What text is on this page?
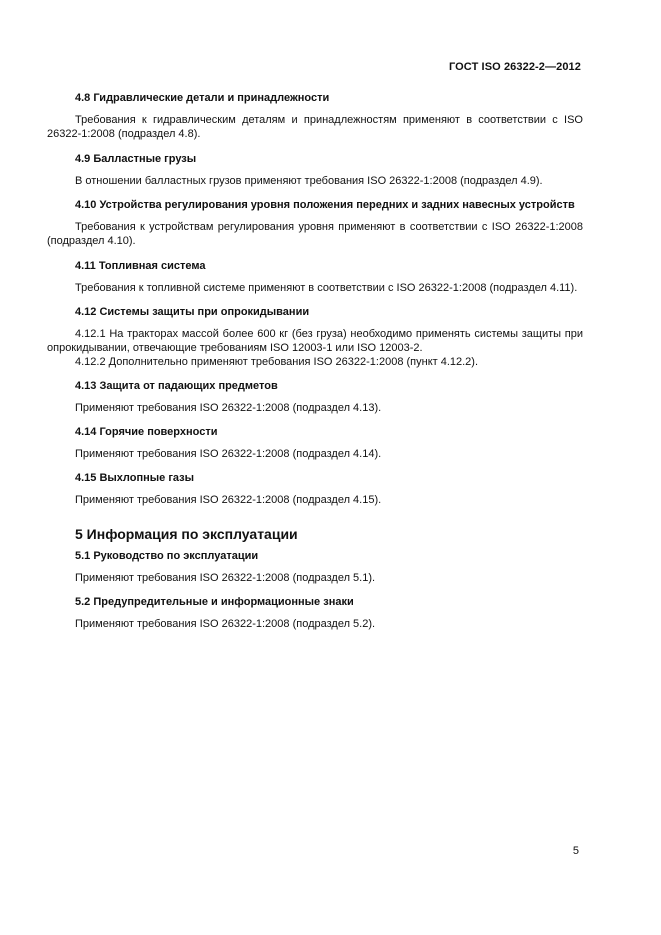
ГОСТ ISO 26322-2—2012

4.8 Гидравлические детали и принадлежности

Требования к гидравлическим деталям и принадлежностям применяют в соответствии с ISO 26322-1:2008 (подраздел 4.8).

4.9 Балластные грузы

В отношении балластных грузов применяют требования ISO 26322-1:2008 (подраздел 4.9).

4.10 Устройства регулирования уровня положения передних и задних навесных устройств

Требования к устройствам регулирования уровня применяют в соответствии с ISO 26322-1:2008 (подраздел 4.10).

4.11 Топливная система

Требования к топливной системе применяют в соответствии с ISO 26322-1:2008 (подраздел 4.11).

4.12 Системы защиты при опрокидывании

4.12.1 На тракторах массой более 600 кг (без груза) необходимо применять системы защиты при опрокидывании, отвечающие требованиям ISO 12003-1 или ISO 12003-2.

4.12.2 Дополнительно применяют требования ISO 26322-1:2008 (пункт 4.12.2).

4.13 Защита от падающих предметов

Применяют требования ISO 26322-1:2008 (подраздел 4.13).

4.14 Горячие поверхности

Применяют требования ISO 26322-1:2008 (подраздел 4.14).

4.15 Выхлопные газы

Применяют требования ISO 26322-1:2008 (подраздел 4.15).

5 Информация по эксплуатации

5.1 Руководство по эксплуатации

Применяют требования ISO 26322-1:2008 (подраздел 5.1).

5.2 Предупредительные и информационные знаки

Применяют требования ISO 26322-1:2008 (подраздел 5.2).

5
